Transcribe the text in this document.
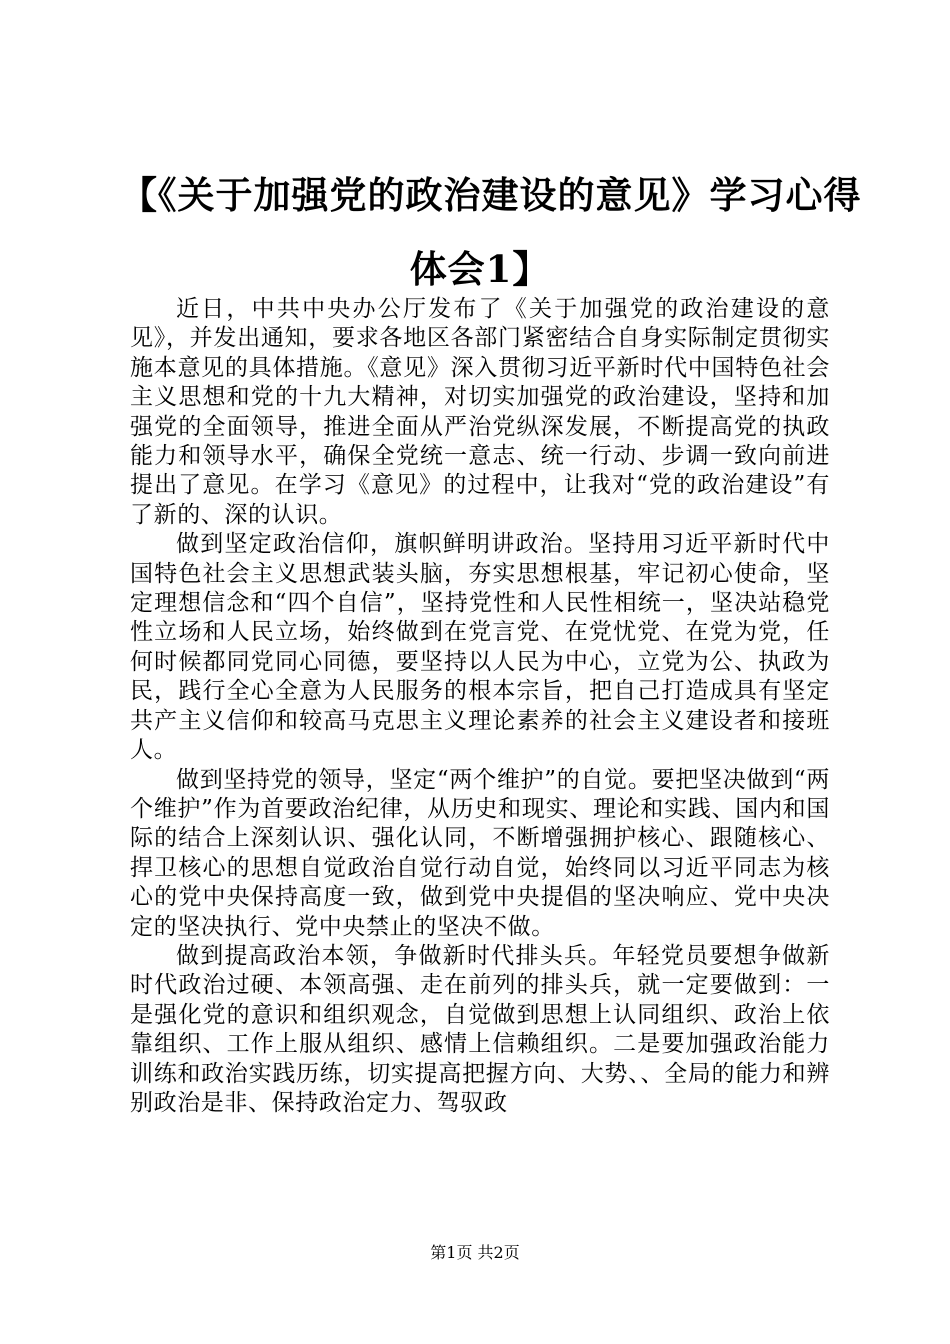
【《关于加强党的政治建设的意见》学习心得
体会1】

近日，中共中央办公厅发布了《关于加强党的政治建设的意见》，并发出通知，要求各地区各部门紧密结合自身实际制定贯彻实施本意见的具体措施。《意见》深入贯彻习近平新时代中国特色社会主义思想和党的十九大精神，对切实加强党的政治建设，坚持和加强党的全面领导，推进全面从严治党纵深发展，不断提高党的执政能力和领导水平，确保全党统一意志、统一行动、步调一致向前进提出了意见。在学习《意见》的过程中，让我对“党的政治建设”有了新的、深的认识。

做到坚定政治信仰，旗帜鲜明讲政治。坚持用习近平新时代中国特色社会主义思想武装头脑，夯实思想根基，牢记初心使命，坚定理想信念和“四个自信”，坚持党性和人民性相统一，坚决站稳党性立场和人民立场，始终做到在党言党、在党忧党、在党为党，任何时候都同党同心同德，要坚持以人民为中心，立党为公、执政为民，践行全心全意为人民服务的根本宗旨，把自己打造成具有坚定共产主义信仰和较高马克思主义理论素养的社会主义建设者和接班人。

做到坚持党的领导，坚定“两个维护”的自觉。要把坚决做到“两个维护”作为首要政治纪律，从历史和现实、理论和实践、国内和国际的结合上深刻认识、强化认同，不断增强拥护核心、跟随核心、捍卫核心的思想自觉政治自觉行动自觉，始终同以习近平同志为核心的党中央保持高度一致，做到党中央提倡的坚决响应、党中央决定的坚决执行、党中央禁止的坚决不做。

做到提高政治本领，争做新时代排头兵。年轻党员要想争做新时代政治过硬、本领高强、走在前列的排头兵，就一定要做到：一是强化党的意识和组织观念，自觉做到思想上认同组织、政治上依靠组织、工作上服从组织、感情上信赖组织。二是要加强政治能力训练和政治实践历练，切实提高把握方向、大势、、全局的能力和辨别政治是非、保持政治定力、驾驭政

第1页 共2页
